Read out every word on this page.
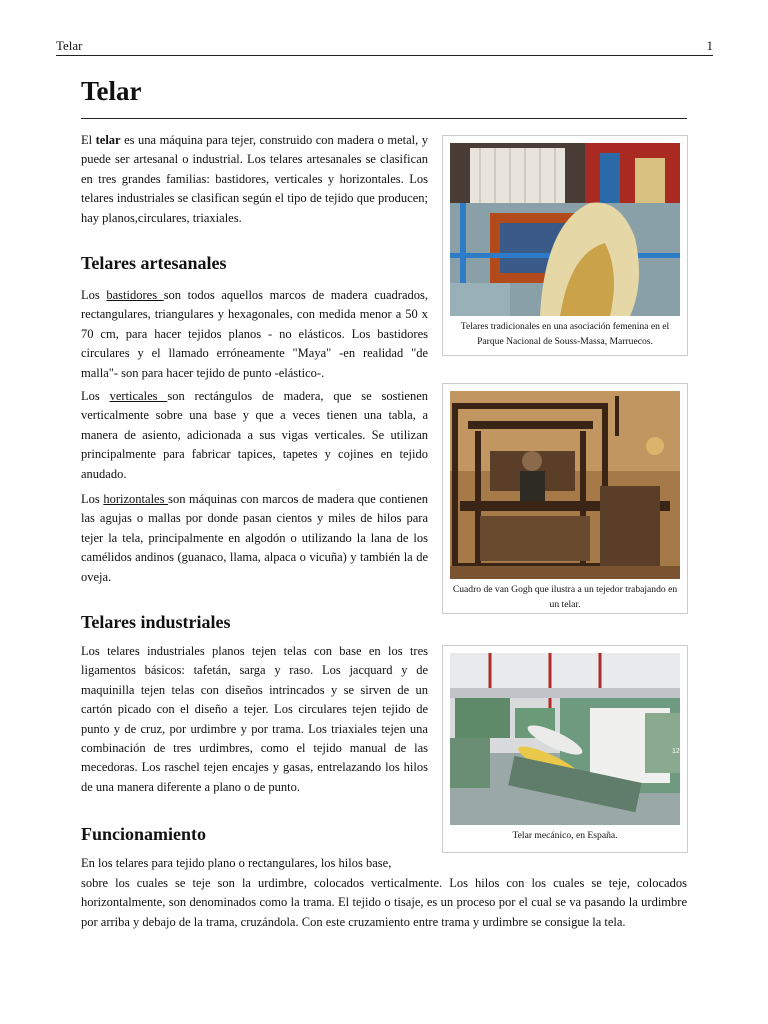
Telar	1
Telar

El telar es una máquina para tejer, construido con madera o metal, y puede ser artesanal o industrial. Los telares artesanales se clasifican en tres grandes familias: bastidores, verticales y horizontales. Los telares industriales se clasifican según el tipo de tejido que producen; hay planos,circulares, triaxiales.

Telares artesanales

Los bastidores son todos aquellos marcos de madera cuadrados, rectangulares, triangulares y hexagonales, con medida menor a 50 x 70 cm, para hacer tejidos planos - no elásticos. Los bastidores circulares y el llamado erróneamente "Maya" -en realidad "de malla"- son para hacer tejido de punto -elástico-.

Los verticales son rectángulos de madera, que se sostienen verticalmente sobre una base y que a veces tienen una tabla, a manera de asiento, adicionada a sus vigas verticales. Se utilizan principalmente para fabricar tapices, tapetes y cojines en tejido anudado.

Los horizontales son máquinas con marcos de madera que contienen las agujas o mallas por donde pasan cientos y miles de hilos para tejer la tela, principalmente en algodón o utilizando la lana de los camélidos andinos (guanaco, llama, alpaca o vicuña) y también la de oveja.

Telares industriales

Los telares industriales planos tejen telas con base en los tres ligamentos básicos: tafetán, sarga y raso. Los jacquard y de maquinilla tejen telas con diseños intrincados y se sirven de un cartón picado con el diseño a tejer. Los circulares tejen tejido de punto y de cruz, por urdimbre y por trama. Los triaxiales tejen una combinación de tres urdimbres, como el tejido manual de las mecedoras. Los raschel tejen encajes y gasas, entrelazando los hilos de una manera diferente a plano o de punto.

Funcionamiento

En los telares para tejido plano o rectangulares, los hilos base,

sobre los cuales se teje son la urdimbre, colocados verticalmente. Los hilos con los cuales se teje, colocados horizontalmente, son denominados como la trama. El tejido o tisaje, es un proceso por el cual se va pasando la urdimbre por arriba y debajo de la trama, cruzándola. Con este cruzamiento entre trama y urdimbre se consigue la tela.

Telares tradicionales en una asociación femenina en el Parque Nacional de Souss-Massa, Marruecos.
Cuadro de van Gogh que ilustra a un tejedor trabajando en un telar.
120
Telar mecánico, en España.
